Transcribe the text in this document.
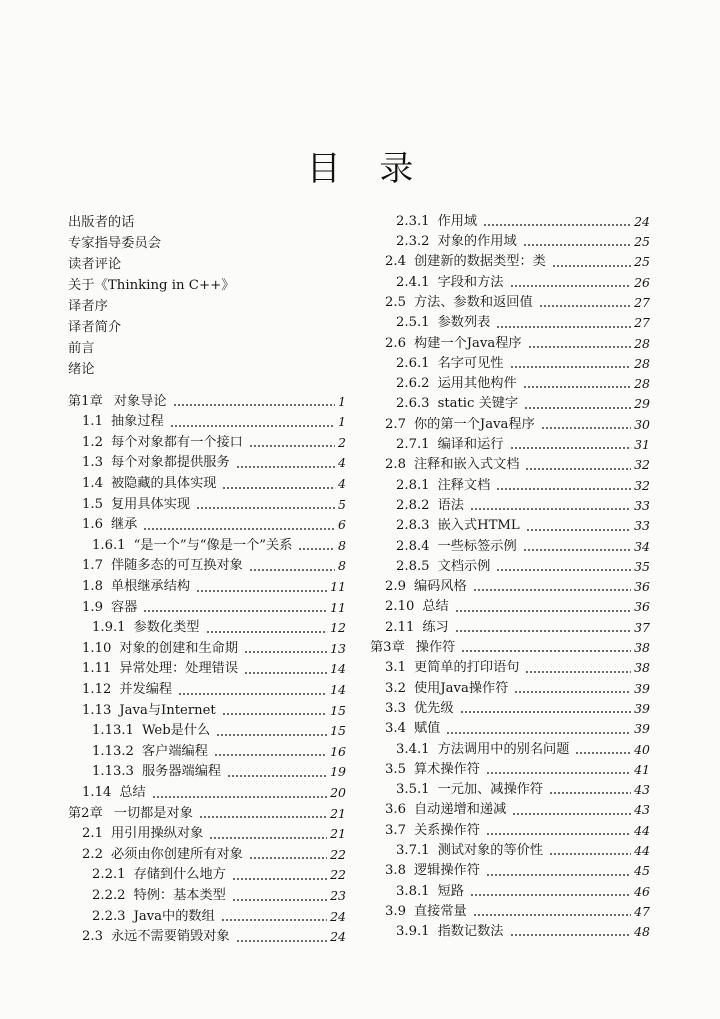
目 录
出版者的话
专家指导委员会
读者评论
关于《Thinking in C++》
译者序
译者简介
前言
绪论
第1章 对象导论	1
1.1 抽象过程	1
1.2 每个对象都有一个接口	2
1.3 每个对象都提供服务	4
1.4 被隐藏的具体实现	4
1.5 复用具体实现	5
1.6 继承	6
1.6.1 “是一个”与“像是一个”关系	8
1.7 伴随多态的可互换对象	8
1.8 单根继承结构	11
1.9 容器	11
1.9.1 参数化类型	12
1.10 对象的创建和生命期	13
1.11 异常处理：处理错误	14
1.12 并发编程	14
1.13 Java与Internet	15
1.13.1 Web是什么	15
1.13.2 客户端编程	16
1.13.3 服务器端编程	19
1.14 总结	20
第2章 一切都是对象	21
2.1 用引用操纵对象	21
2.2 必须由你创建所有对象	22
2.2.1 存储到什么地方	22
2.2.2 特例：基本类型	23
2.2.3 Java中的数组	24
2.3 永远不需要销毁对象	24
2.3.1 作用域	24
2.3.2 对象的作用域	25
2.4 创建新的数据类型：类	25
2.4.1 字段和方法	26
2.5 方法、参数和返回值	27
2.5.1 参数列表	27
2.6 构建一个Java程序	28
2.6.1 名字可见性	28
2.6.2 运用其他构件	28
2.6.3 static 关键字	29
2.7 你的第一个Java程序	30
2.7.1 编译和运行	31
2.8 注释和嵌入式文档	32
2.8.1 注释文档	32
2.8.2 语法	33
2.8.3 嵌入式HTML	33
2.8.4 一些标签示例	34
2.8.5 文档示例	35
2.9 编码风格	36
2.10 总结	36
2.11 练习	37
第3章 操作符	38
3.1 更简单的打印语句	38
3.2 使用Java操作符	39
3.3 优先级	39
3.4 赋值	39
3.4.1 方法调用中的别名问题	40
3.5 算术操作符	41
3.5.1 一元加、减操作符	43
3.6 自动递增和递减	43
3.7 关系操作符	44
3.7.1 测试对象的等价性	44
3.8 逻辑操作符	45
3.8.1 短路	46
3.9 直接常量	47
3.9.1 指数记数法	48
